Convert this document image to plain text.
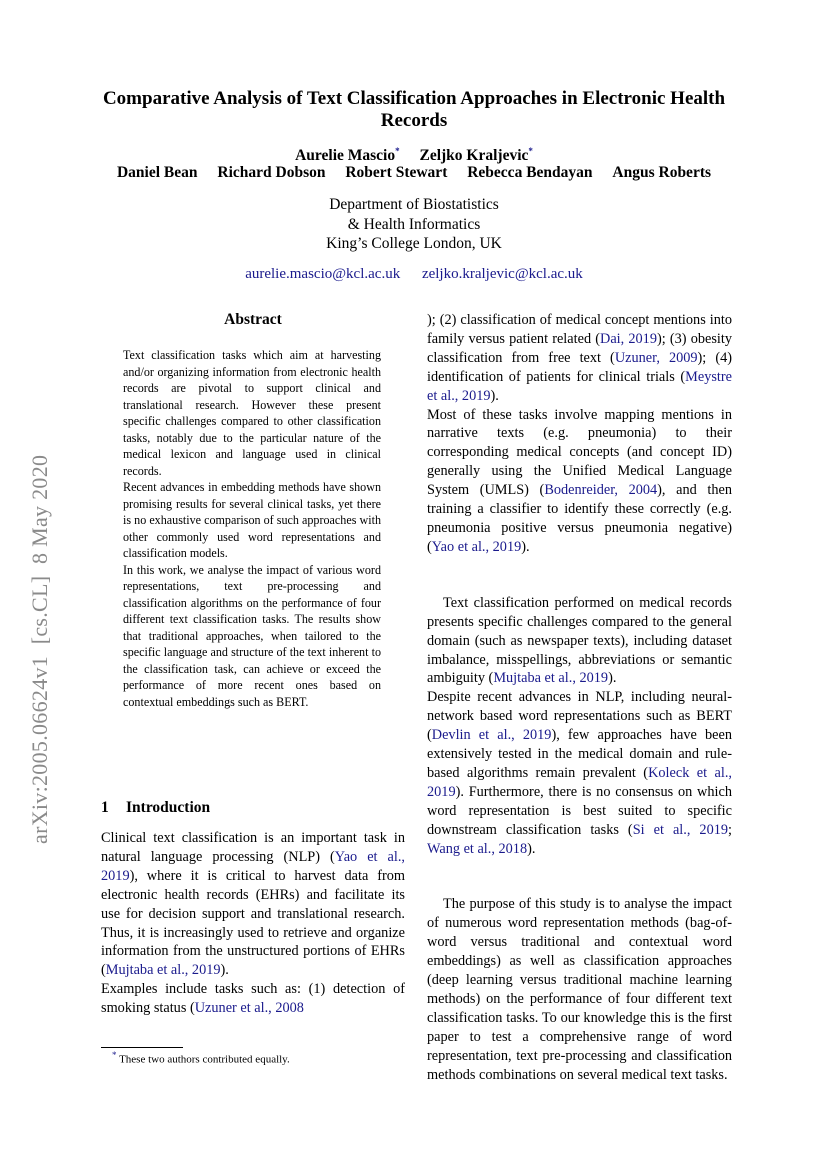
Comparative Analysis of Text Classification Approaches in Electronic Health Records
Aurelie Mascio* Zeljko Kraljevic*
Daniel Bean Richard Dobson Robert Stewart Rebecca Bendayan Angus Roberts
Department of Biostatistics
& Health Informatics
King’s College London, UK
aurelie.mascio@kcl.ac.uk zeljko.kraljevic@kcl.ac.uk
arXiv:2005.06624v1  [cs.CL]  8 May 2020
Abstract

Text classification tasks which aim at harvesting and/or organizing information from electronic health records are pivotal to support clinical and translational research. However these present specific challenges compared to other classification tasks, notably due to the particular nature of the medical lexicon and language used in clinical records.

Recent advances in embedding methods have shown promising results for several clinical tasks, yet there is no exhaustive comparison of such approaches with other commonly used word representations and classification models.

In this work, we analyse the impact of various word representations, text pre-processing and classification algorithms on the performance of four different text classification tasks. The results show that traditional approaches, when tailored to the specific language and structure of the text inherent to the classification task, can achieve or exceed the performance of more recent ones based on contextual embeddings such as BERT.

1 Introduction

Clinical text classification is an important task in natural language processing (NLP) (Yao et al., 2019), where it is critical to harvest data from electronic health records (EHRs) and facilitate its use for decision support and translational research. Thus, it is increasingly used to retrieve and organize information from the unstructured portions of EHRs (Mujtaba et al., 2019).

Examples include tasks such as: (1) detection of smoking status (Uzuner et al., 2008

); (2) classification of medical concept mentions into family versus patient related (Dai, 2019); (3) obesity classification from free text (Uzuner, 2009); (4) identification of patients for clinical trials (Meystre et al., 2019).

Most of these tasks involve mapping mentions in narrative texts (e.g. pneumonia) to their corresponding medical concepts (and concept ID) generally using the Unified Medical Language System (UMLS) (Bodenreider, 2004), and then training a classifier to identify these correctly (e.g. pneumonia positive versus pneumonia negative) (Yao et al., 2019).

Text classification performed on medical records presents specific challenges compared to the general domain (such as newspaper texts), including dataset imbalance, misspellings, abbreviations or semantic ambiguity (Mujtaba et al., 2019).

Despite recent advances in NLP, including neural-network based word representations such as BERT (Devlin et al., 2019), few approaches have been extensively tested in the medical domain and rule-based algorithms remain prevalent (Koleck et al., 2019). Furthermore, there is no consensus on which word representation is best suited to specific downstream classification tasks (Si et al., 2019; Wang et al., 2018).

The purpose of this study is to analyse the impact of numerous word representation methods (bag-of-word versus traditional and contextual word embeddings) as well as classification approaches (deep learning versus traditional machine learning methods) on the performance of four different text classification tasks. To our knowledge this is the first paper to test a comprehensive range of word representation, text pre-processing and classification methods combinations on several medical text tasks.

* These two authors contributed equally.
